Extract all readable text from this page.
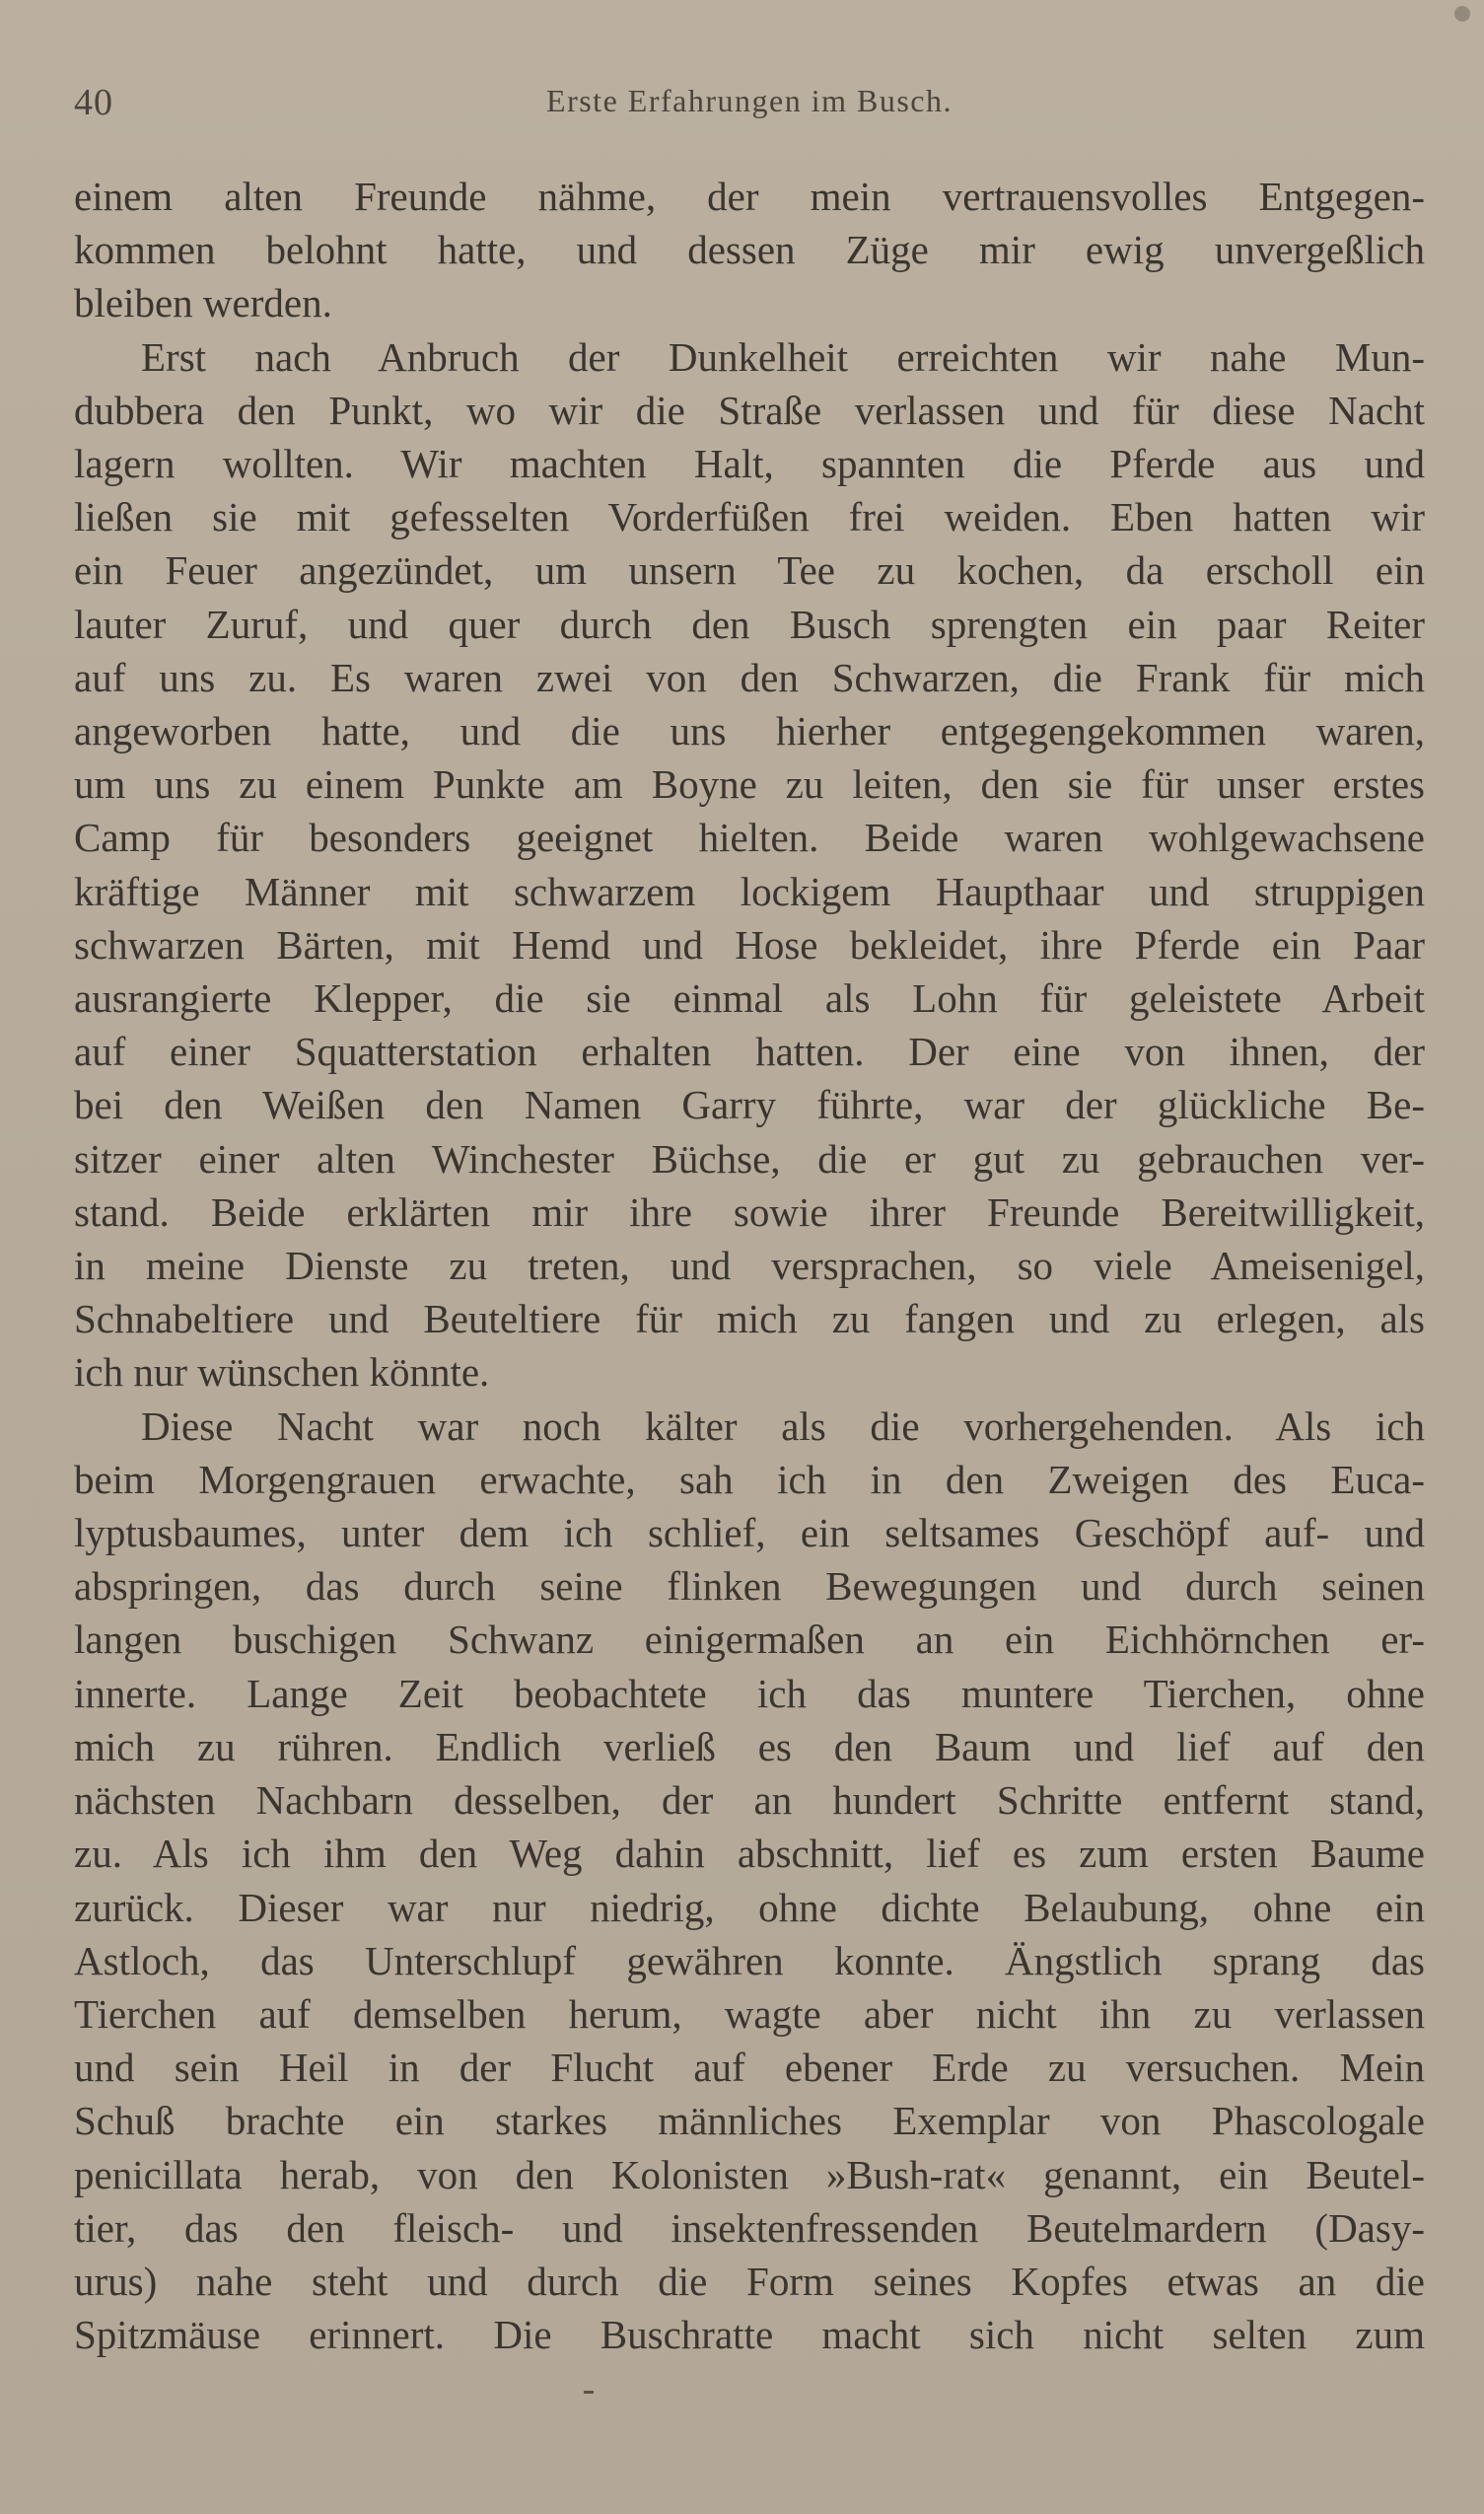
40	Erste Erfahrungen im Busch.
einem alten Freunde nähme, der mein vertrauensvolles Entgegen-
kommen belohnt hatte, und dessen Züge mir ewig unvergeßlich
bleiben werden.
Erst nach Anbruch der Dunkelheit erreichten wir nahe Mun-
dubbera den Punkt, wo wir die Straße verlassen und für diese Nacht
lagern wollten. Wir machten Halt, spannten die Pferde aus und
ließen sie mit gefesselten Vorderfüßen frei weiden. Eben hatten wir
ein Feuer angezündet, um unsern Tee zu kochen, da erscholl ein
lauter Zuruf, und quer durch den Busch sprengten ein paar Reiter
auf uns zu. Es waren zwei von den Schwarzen, die Frank für mich
angeworben hatte, und die uns hierher entgegengekommen waren,
um uns zu einem Punkte am Boyne zu leiten, den sie für unser erstes
Camp für besonders geeignet hielten. Beide waren wohlgewachsene
kräftige Männer mit schwarzem lockigem Haupthaar und struppigen
schwarzen Bärten, mit Hemd und Hose bekleidet, ihre Pferde ein Paar
ausrangierte Klepper, die sie einmal als Lohn für geleistete Arbeit
auf einer Squatterstation erhalten hatten. Der eine von ihnen, der
bei den Weißen den Namen Garry führte, war der glückliche Be-
sitzer einer alten Winchester Büchse, die er gut zu gebrauchen ver-
stand. Beide erklärten mir ihre sowie ihrer Freunde Bereitwilligkeit,
in meine Dienste zu treten, und versprachen, so viele Ameisenigel,
Schnabeltiere und Beuteltiere für mich zu fangen und zu erlegen, als
ich nur wünschen könnte.
Diese Nacht war noch kälter als die vorhergehenden. Als ich
beim Morgengrauen erwachte, sah ich in den Zweigen des Euca-
lyptusbaumes, unter dem ich schlief, ein seltsames Geschöpf auf- und
abspringen, das durch seine flinken Bewegungen und durch seinen
langen buschigen Schwanz einigermaßen an ein Eichhörnchen er-
innerte. Lange Zeit beobachtete ich das muntere Tierchen, ohne
mich zu rühren. Endlich verließ es den Baum und lief auf den
nächsten Nachbarn desselben, der an hundert Schritte entfernt stand,
zu. Als ich ihm den Weg dahin abschnitt, lief es zum ersten Baume
zurück. Dieser war nur niedrig, ohne dichte Belaubung, ohne ein
Astloch, das Unterschlupf gewähren konnte. Ängstlich sprang das
Tierchen auf demselben herum, wagte aber nicht ihn zu verlassen
und sein Heil in der Flucht auf ebener Erde zu versuchen. Mein
Schuß brachte ein starkes männliches Exemplar von Phascologale
penicillata herab, von den Kolonisten »Bush-rat« genannt, ein Beutel-
tier, das den fleisch- und insektenfressenden Beutelmardern (Dasy-
urus) nahe steht und durch die Form seines Kopfes etwas an die
Spitzmäuse erinnert. Die Buschratte macht sich nicht selten zum
